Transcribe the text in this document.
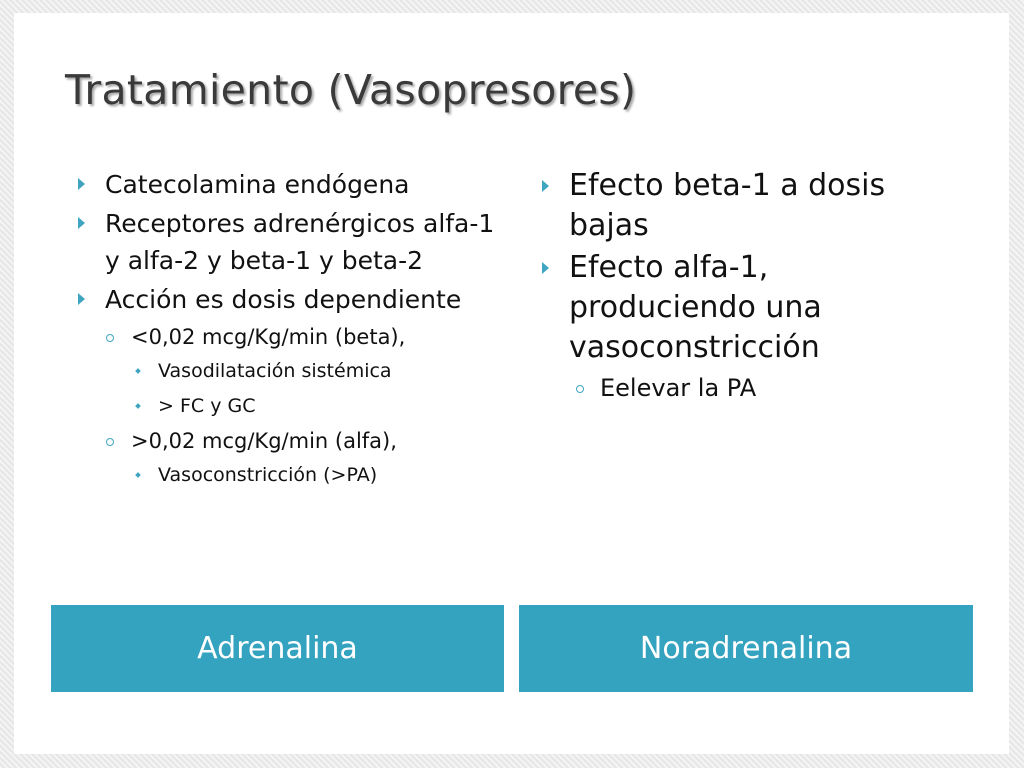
Tratamiento (Vasopresores)
Catecolamina endógena
Receptores adrenérgicos alfa-1 y alfa-2 y beta-1 y beta-2
Acción es dosis dependiente
<0,02 mcg/Kg/min (beta),
Vasodilatación sistémica
> FC y GC
>0,02 mcg/Kg/min (alfa),
Vasoconstricción (>PA)
Efecto beta-1 a dosis bajas
Efecto alfa-1, produciendo una vasoconstricción
Eelevar la PA
Adrenalina	Noradrenalina
